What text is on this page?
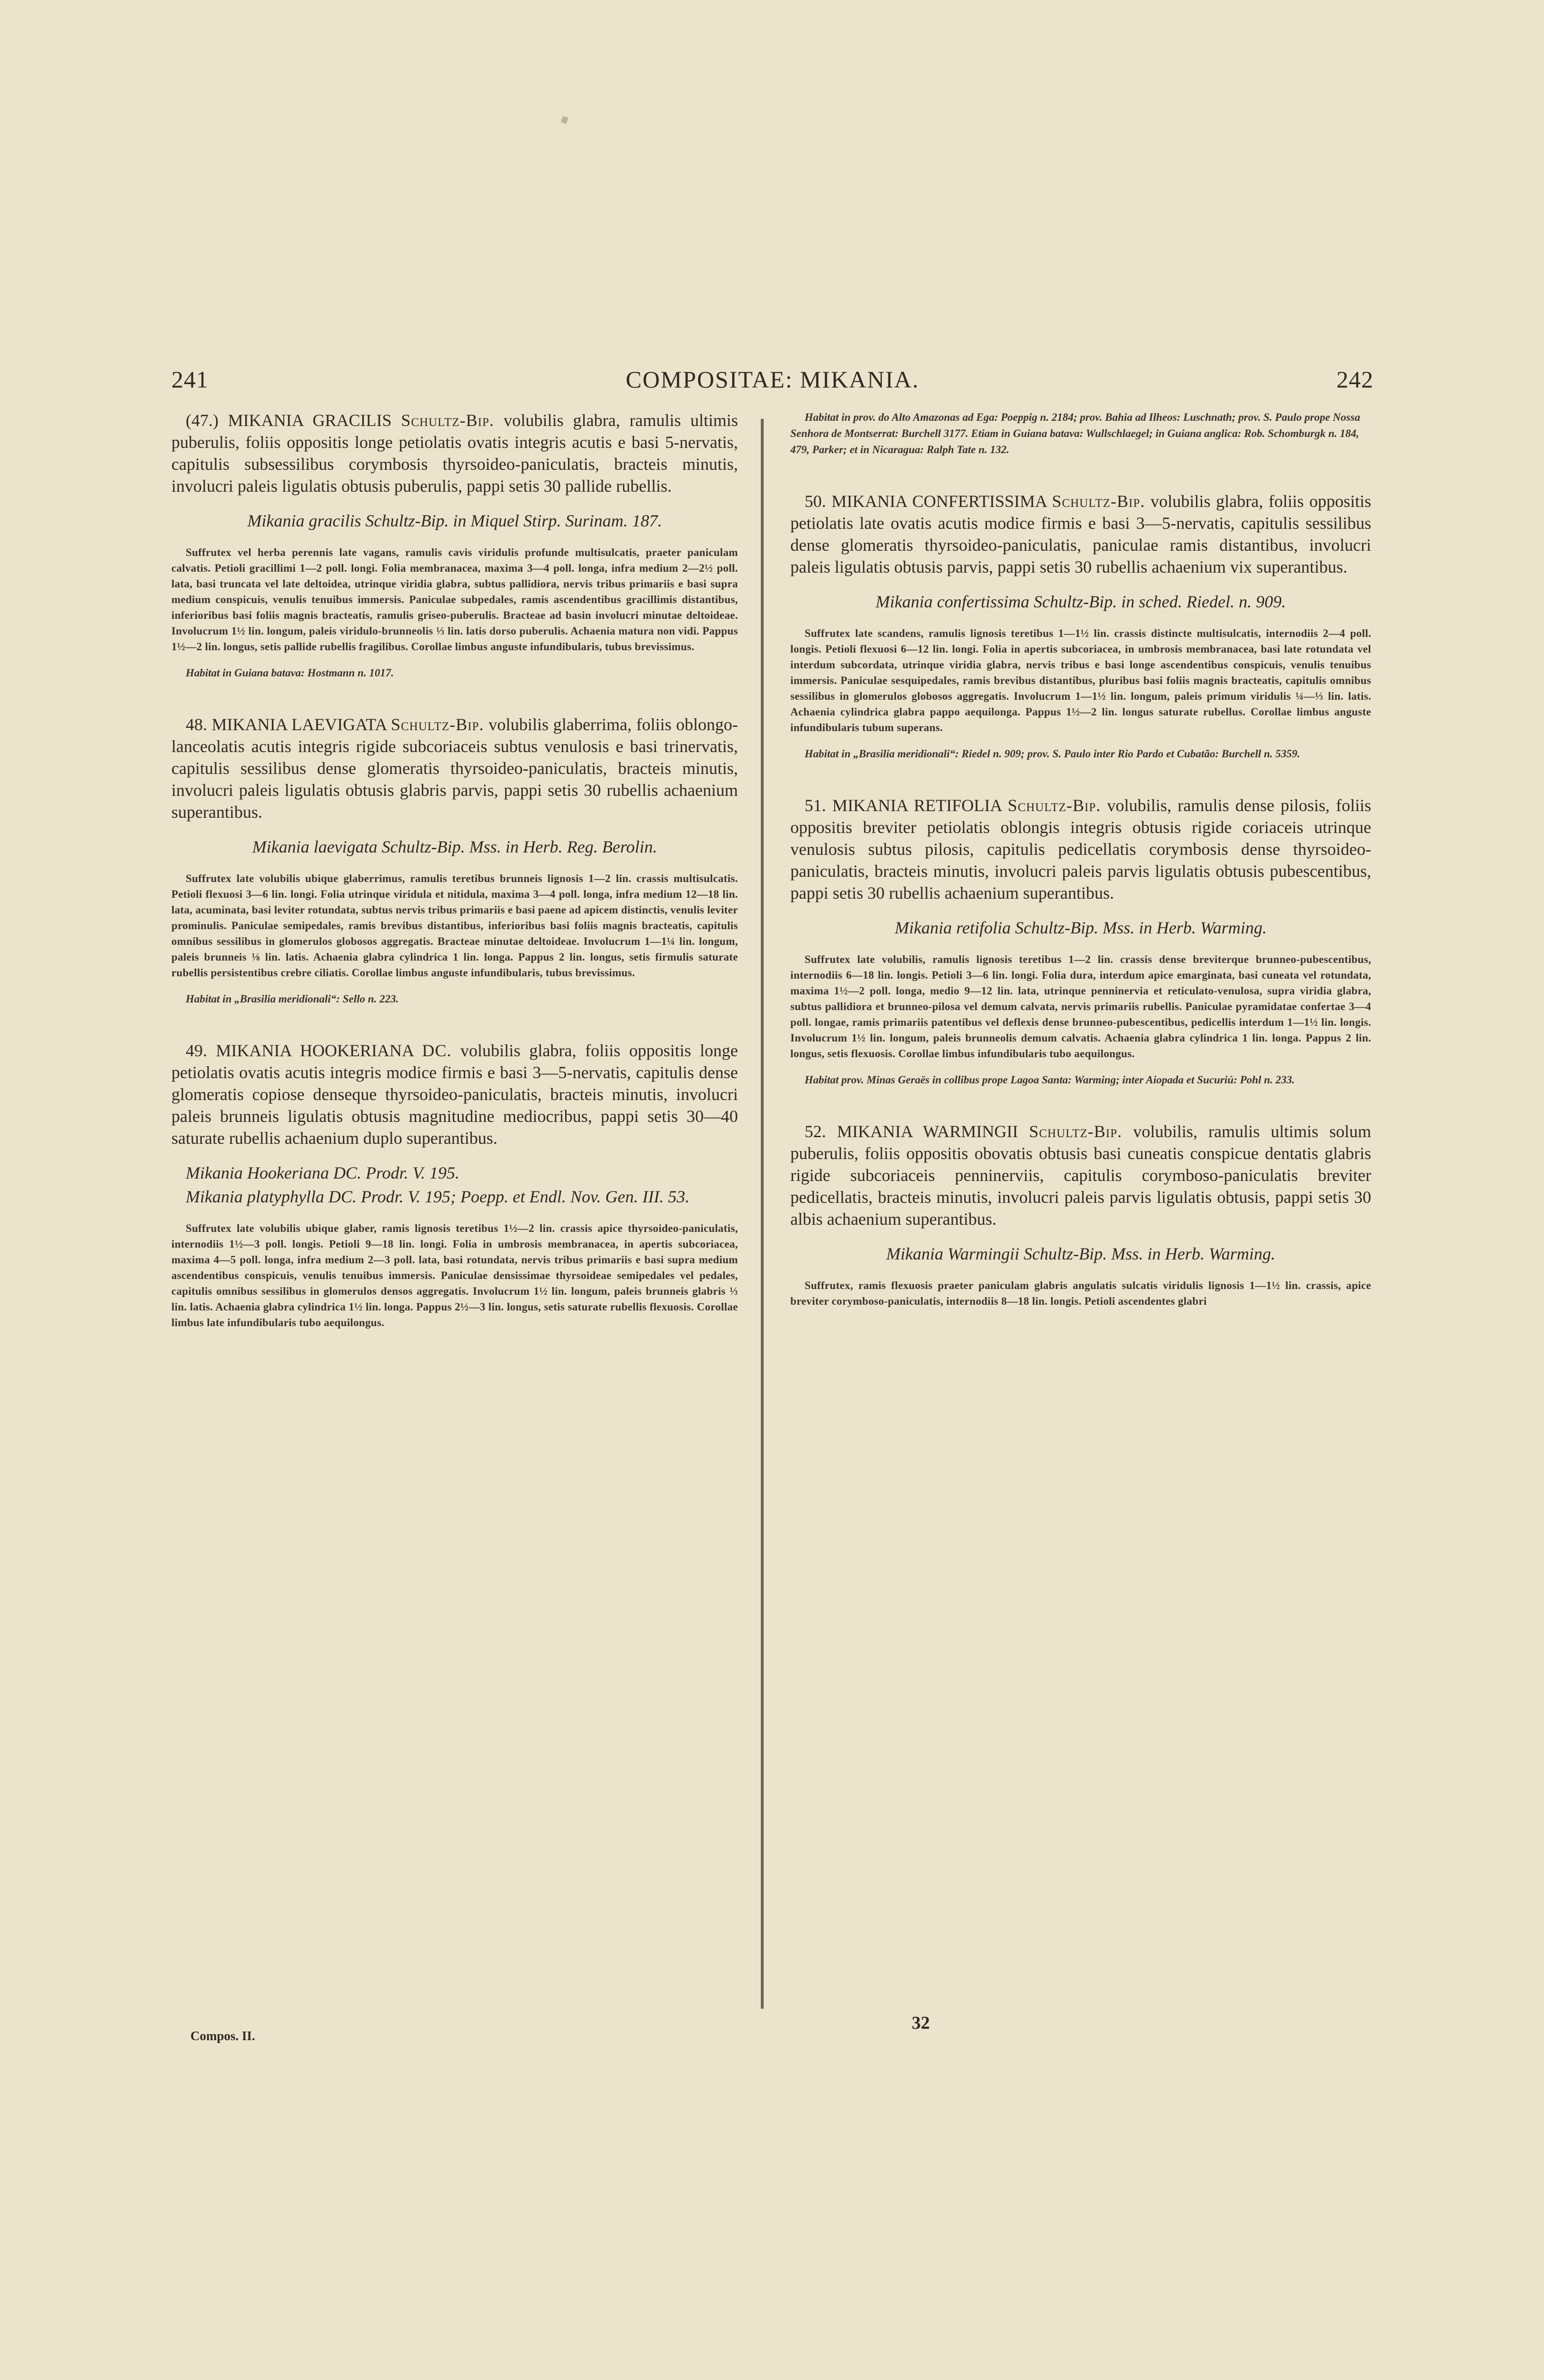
241	COMPOSITAE: MIKANIA.	242

(47.) MIKANIA GRACILIS Schultz-Bip. volubilis glabra, ramulis ultimis puberulis, foliis oppositis longe petiolatis ovatis integris acutis e basi 5-nervatis, capitulis subsessilibus corymbosis thyrsoideo-paniculatis, bracteis minutis, involucri paleis ligulatis obtusis puberulis, pappi setis 30 pallide rubellis.

Mikania gracilis Schultz-Bip. in Miquel Stirp. Surinam. 187.

Suffrutex vel herba perennis late vagans, ramulis cavis viridulis profunde multisulcatis, praeter paniculam calvatis. Petioli gracillimi 1—2 poll. longi. Folia membranacea, maxima 3—4 poll. longa, infra medium 2—2½ poll. lata, basi truncata vel late deltoidea, utrinque viridia glabra, subtus pallidiora, nervis tribus primariis e basi supra medium conspicuis, venulis tenuibus immersis. Paniculae subpedales, ramis ascendentibus gracillimis distantibus, inferioribus basi foliis magnis bracteatis, ramulis griseo-puberulis. Bracteae ad basin involucri minutae deltoideae. Involucrum 1½ lin. longum, paleis viridulo-brunneolis ⅓ lin. latis dorso puberulis. Achaenia matura non vidi. Pappus 1½—2 lin. longus, setis pallide rubellis fragilibus. Corollae limbus anguste infundibularis, tubus brevissimus.

Habitat in Guiana batava: Hostmann n. 1017.

48. MIKANIA LAEVIGATA Schultz-Bip. volubilis glaberrima, foliis oblongo-lanceolatis acutis integris rigide subcoriaceis subtus venulosis e basi trinervatis, capitulis sessilibus dense glomeratis thyrsoideo-paniculatis, bracteis minutis, involucri paleis ligulatis obtusis glabris parvis, pappi setis 30 rubellis achaenium superantibus.

Mikania laevigata Schultz-Bip. Mss. in Herb. Reg. Berolin.

Suffrutex late volubilis ubique glaberrimus, ramulis teretibus brunneis lignosis 1—2 lin. crassis multisulcatis. Petioli flexuosi 3—6 lin. longi. Folia utrinque viridula et nitidula, maxima 3—4 poll. longa, infra medium 12—18 lin. lata, acuminata, basi leviter rotundata, subtus nervis tribus primariis e basi paene ad apicem distinctis, venulis leviter prominulis. Paniculae semipedales, ramis brevibus distantibus, inferioribus basi foliis magnis bracteatis, capitulis omnibus sessilibus in glomerulos globosos aggregatis. Bracteae minutae deltoideae. Involucrum 1—1¼ lin. longum, paleis brunneis ⅛ lin. latis. Achaenia glabra cylindrica 1 lin. longa. Pappus 2 lin. longus, setis firmulis saturate rubellis persistentibus crebre ciliatis. Corollae limbus anguste infundibularis, tubus brevissimus.

Habitat in „Brasilia meridionali“: Sello n. 223.

49. MIKANIA HOOKERIANA DC. volubilis glabra, foliis oppositis longe petiolatis ovatis acutis integris modice firmis e basi 3—5-nervatis, capitulis dense glomeratis copiose denseque thyrsoideo-paniculatis, bracteis minutis, involucri paleis brunneis ligulatis obtusis magnitudine mediocribus, pappi setis 30—40 saturate rubellis achaenium duplo superantibus.

Mikania Hookeriana DC. Prodr. V. 195.

Mikania platyphylla DC. Prodr. V. 195; Poepp. et Endl. Nov. Gen. III. 53.

Suffrutex late volubilis ubique glaber, ramis lignosis teretibus 1½—2 lin. crassis apice thyrsoideo-paniculatis, internodiis 1½—3 poll. longis. Petioli 9—18 lin. longi. Folia in umbrosis membranacea, in apertis subcoriacea, maxima 4—5 poll. longa, infra medium 2—3 poll. lata, basi rotundata, nervis tribus primariis e basi supra medium ascendentibus conspicuis, venulis tenuibus immersis. Paniculae densissimae thyrsoideae semipedales vel pedales, capitulis omnibus sessilibus in glomerulos densos aggregatis. Involucrum 1½ lin. longum, paleis brunneis glabris ⅓ lin. latis. Achaenia glabra cylindrica 1½ lin. longa. Pappus 2½—3 lin. longus, setis saturate rubellis flexuosis. Corollae limbus late infundibularis tubo aequilongus.

Compos. II.

Habitat in prov. do Alto Amazonas ad Ega: Poeppig n. 2184; prov. Bahia ad Ilheos: Luschnath; prov. S. Paulo prope Nossa Senhora de Montserrat: Burchell 3177. Etiam in Guiana batava: Wullschlaegel; in Guiana anglica: Rob. Schomburgk n. 184, 479, Parker; et in Nicaragua: Ralph Tate n. 132.

50. MIKANIA CONFERTISSIMA Schultz-Bip. volubilis glabra, foliis oppositis petiolatis late ovatis acutis modice firmis e basi 3—5-nervatis, capitulis sessilibus dense glomeratis thyrsoideo-paniculatis, paniculae ramis distantibus, involucri paleis ligulatis obtusis parvis, pappi setis 30 rubellis achaenium vix superantibus.

Mikania confertissima Schultz-Bip. in sched. Riedel. n. 909.

Suffrutex late scandens, ramulis lignosis teretibus 1—1½ lin. crassis distincte multisulcatis, internodiis 2—4 poll. longis. Petioli flexuosi 6—12 lin. longi. Folia in apertis subcoriacea, in umbrosis membranacea, basi late rotundata vel interdum subcordata, utrinque viridia glabra, nervis tribus e basi longe ascendentibus conspicuis, venulis tenuibus immersis. Paniculae sesquipedales, ramis brevibus distantibus, pluribus basi foliis magnis bracteatis, capitulis omnibus sessilibus in glomerulos globosos aggregatis. Involucrum 1—1½ lin. longum, paleis primum viridulis ¼—⅓ lin. latis. Achaenia cylindrica glabra pappo aequilonga. Pappus 1½—2 lin. longus saturate rubellus. Corollae limbus anguste infundibularis tubum superans.

Habitat in „Brasilia meridionali“: Riedel n. 909; prov. S. Paulo inter Rio Pardo et Cubatão: Burchell n. 5359.

51. MIKANIA RETIFOLIA Schultz-Bip. volubilis, ramulis dense pilosis, foliis oppositis breviter petiolatis oblongis integris obtusis rigide coriaceis utrinque venulosis subtus pilosis, capitulis pedicellatis corymbosis dense thyrsoideo-paniculatis, bracteis minutis, involucri paleis parvis ligulatis obtusis pubescentibus, pappi setis 30 rubellis achaenium superantibus.

Mikania retifolia Schultz-Bip. Mss. in Herb. Warming.

Suffrutex late volubilis, ramulis lignosis teretibus 1—2 lin. crassis dense breviterque brunneo-pubescentibus, internodiis 6—18 lin. longis. Petioli 3—6 lin. longi. Folia dura, interdum apice emarginata, basi cuneata vel rotundata, maxima 1½—2 poll. longa, medio 9—12 lin. lata, utrinque penninervia et reticulato-venulosa, supra viridia glabra, subtus pallidiora et brunneo-pilosa vel demum calvata, nervis primariis rubellis. Paniculae pyramidatae confertae 3—4 poll. longae, ramis primariis patentibus vel deflexis dense brunneo-pubescentibus, pedicellis interdum 1—1½ lin. longis. Involucrum 1½ lin. longum, paleis brunneolis demum calvatis. Achaenia glabra cylindrica 1 lin. longa. Pappus 2 lin. longus, setis flexuosis. Corollae limbus infundibularis tubo aequilongus.

Habitat prov. Minas Geraës in collibus prope Lagoa Santa: Warming; inter Aiopada et Sucuriú: Pohl n. 233.

52. MIKANIA WARMINGII Schultz-Bip. volubilis, ramulis ultimis solum puberulis, foliis oppositis obovatis obtusis basi cuneatis conspicue dentatis glabris rigide subcoriaceis penninerviis, capitulis corymboso-paniculatis breviter pedicellatis, bracteis minutis, involucri paleis parvis ligulatis obtusis, pappi setis 30 albis achaenium superantibus.

Mikania Warmingii Schultz-Bip. Mss. in Herb. Warming.

Suffrutex, ramis flexuosis praeter paniculam glabris angulatis sulcatis viridulis lignosis 1—1½ lin. crassis, apice breviter corymboso-paniculatis, internodiis 8—18 lin. longis. Petioli ascendentes glabri

32
